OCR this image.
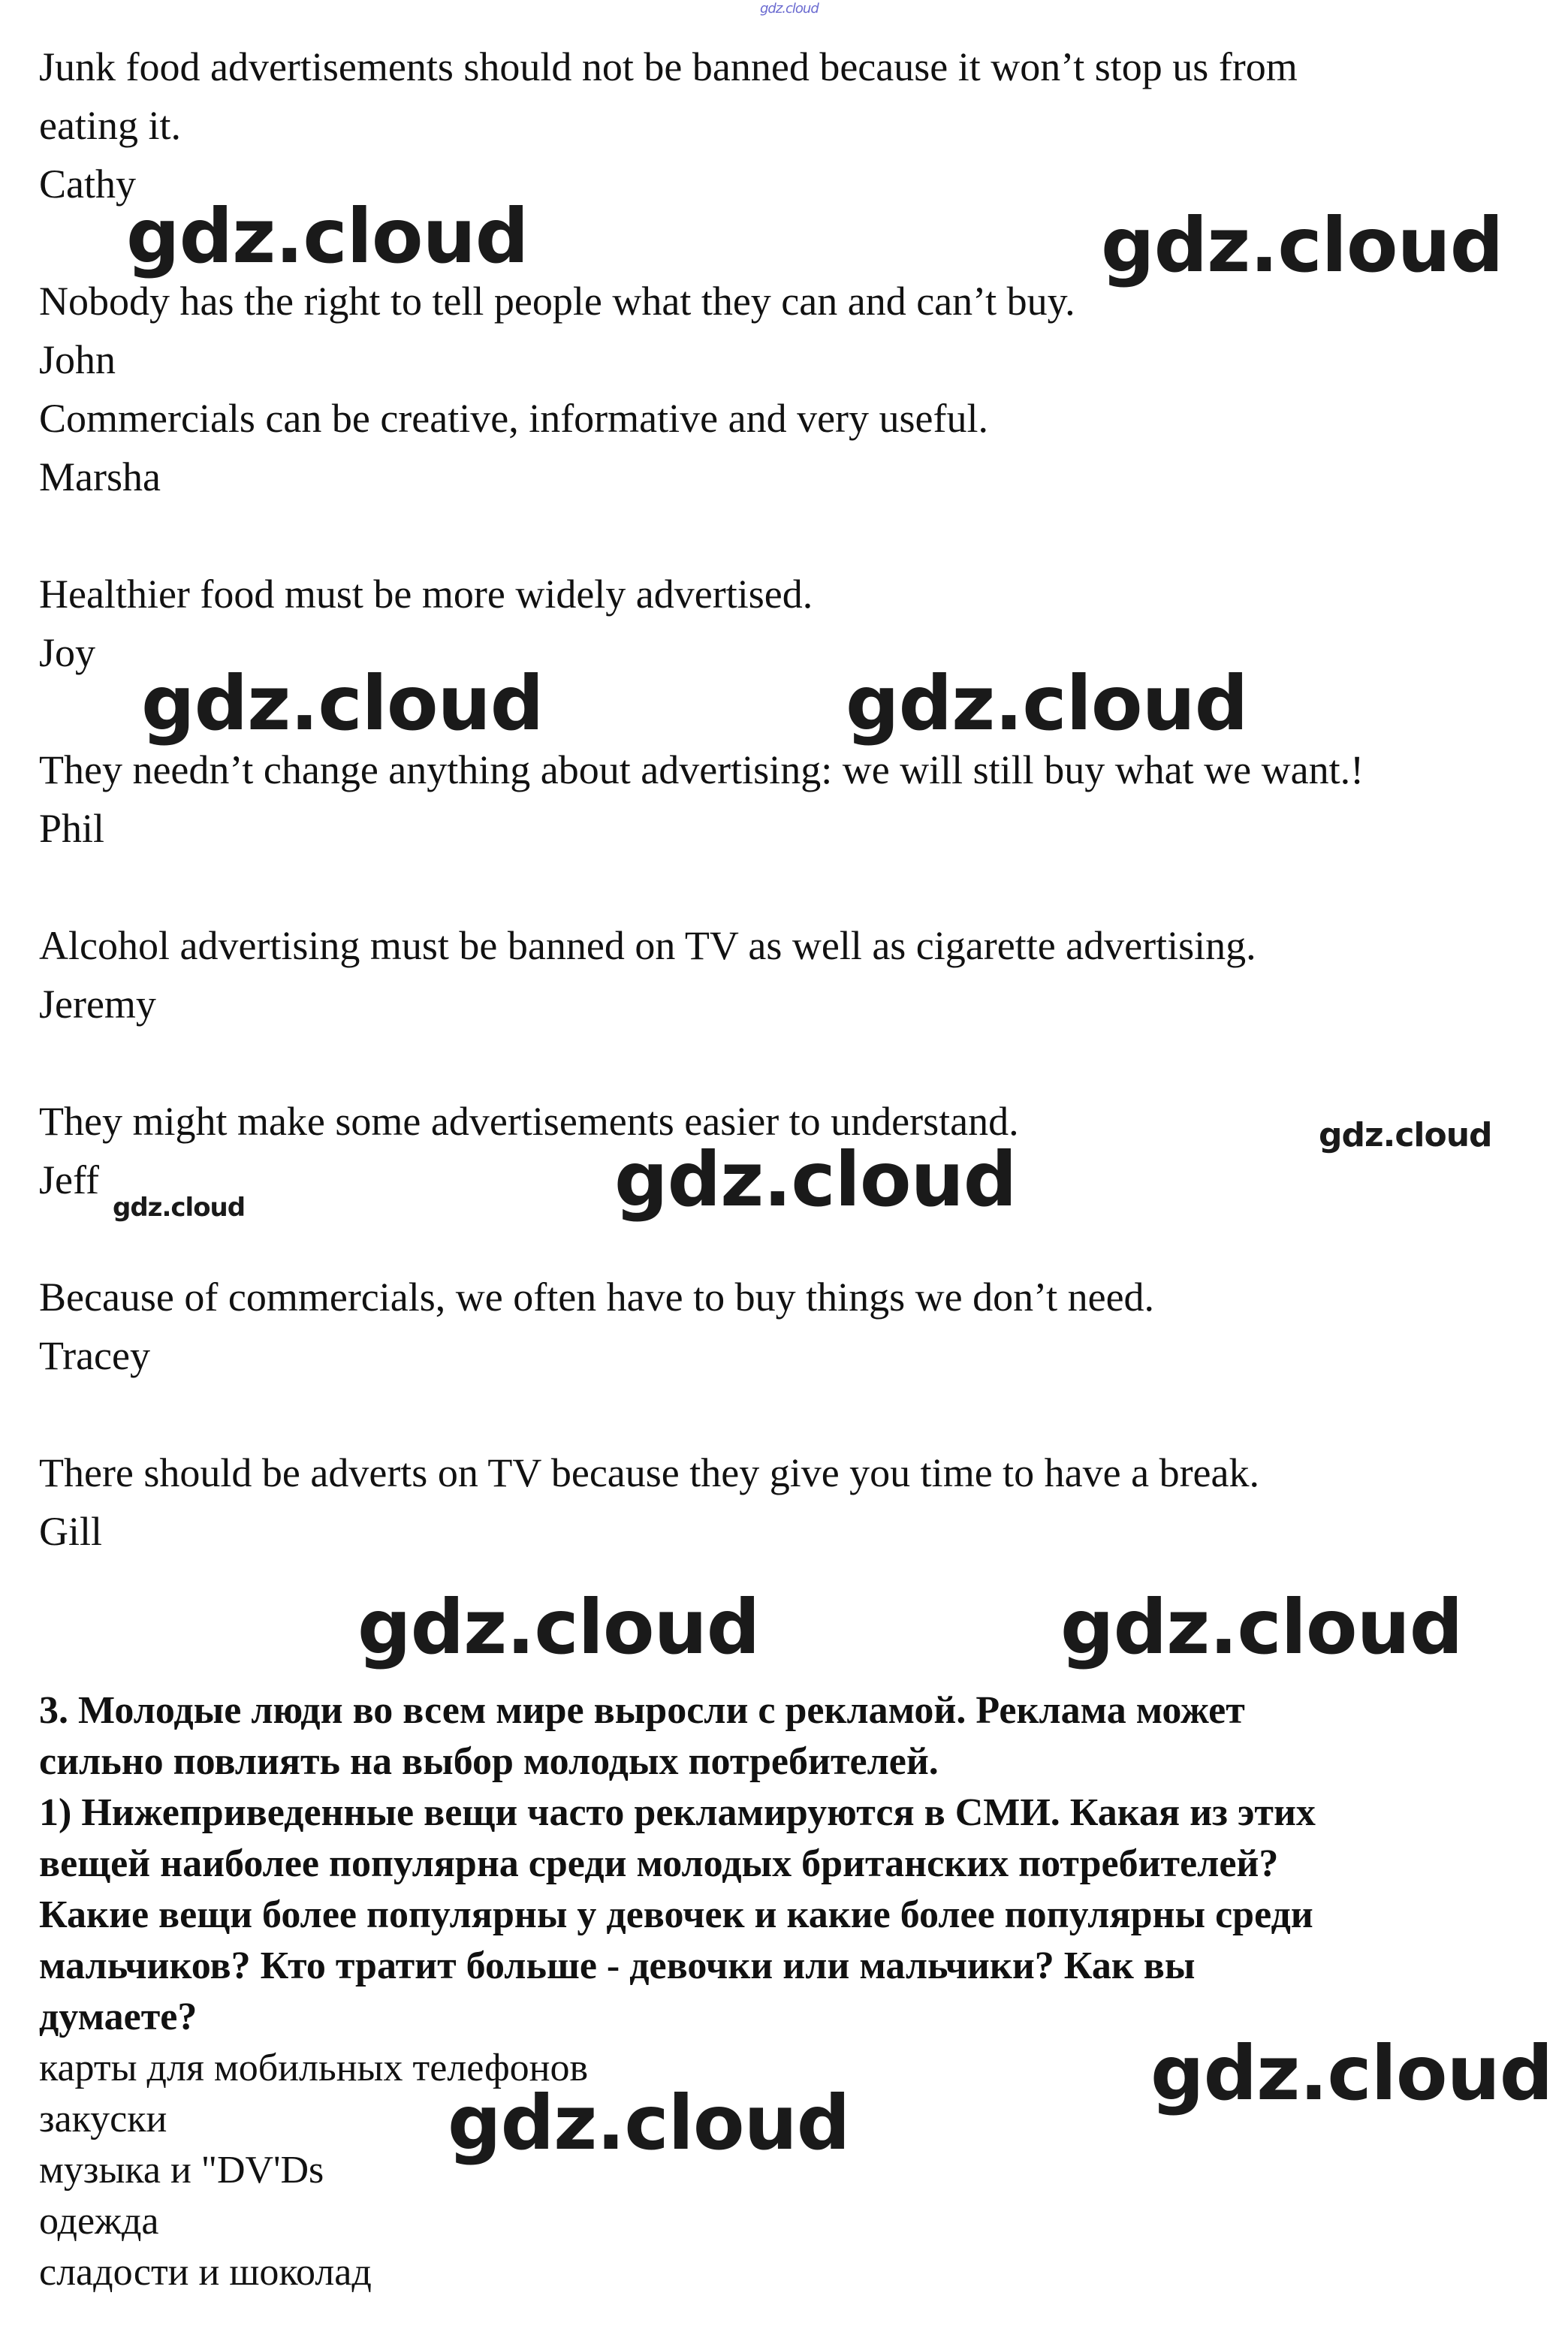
gdz.cloud
Junk food advertisements should not be banned because it won’t stop us from
eating it.
Cathy
Nobody has the right to tell people what they can and can’t buy.
John
Commercials can be creative, informative and very useful.
Marsha
Healthier food must be more widely advertised.
Joy
They needn’t change anything about advertising: we will still buy what we want.!
Phil
Alcohol advertising must be banned on TV as well as cigarette advertising.
Jeremy
They might make some advertisements easier to understand.
Jeff
Because of commercials, we often have to buy things we don’t need.
Tracey
There should be adverts on TV because they give you time to have a break.
Gill
3. Молодые люди во всем мире выросли с рекламой. Реклама может
сильно повлиять на выбор молодых потребителей.
1) Нижеприведенные вещи часто рекламируются в СМИ. Какая из этих
вещей наиболее популярна среди молодых британских потребителей?
Какие вещи более популярны у девочек и какие более популярны среди
мальчиков? Кто тратит больше - девочки или мальчики? Как вы
думаете?
карты для мобильных телефонов
закуски
музыка и "DV'Ds
одежда
сладости и шоколад
gdz.cloud	gdz.cloud
gdz.cloud	gdz.cloud
gdz.cloud
gdz.cloud
gdz.cloud
gdz.cloud	gdz.cloud
gdz.cloud
gdz.cloud
